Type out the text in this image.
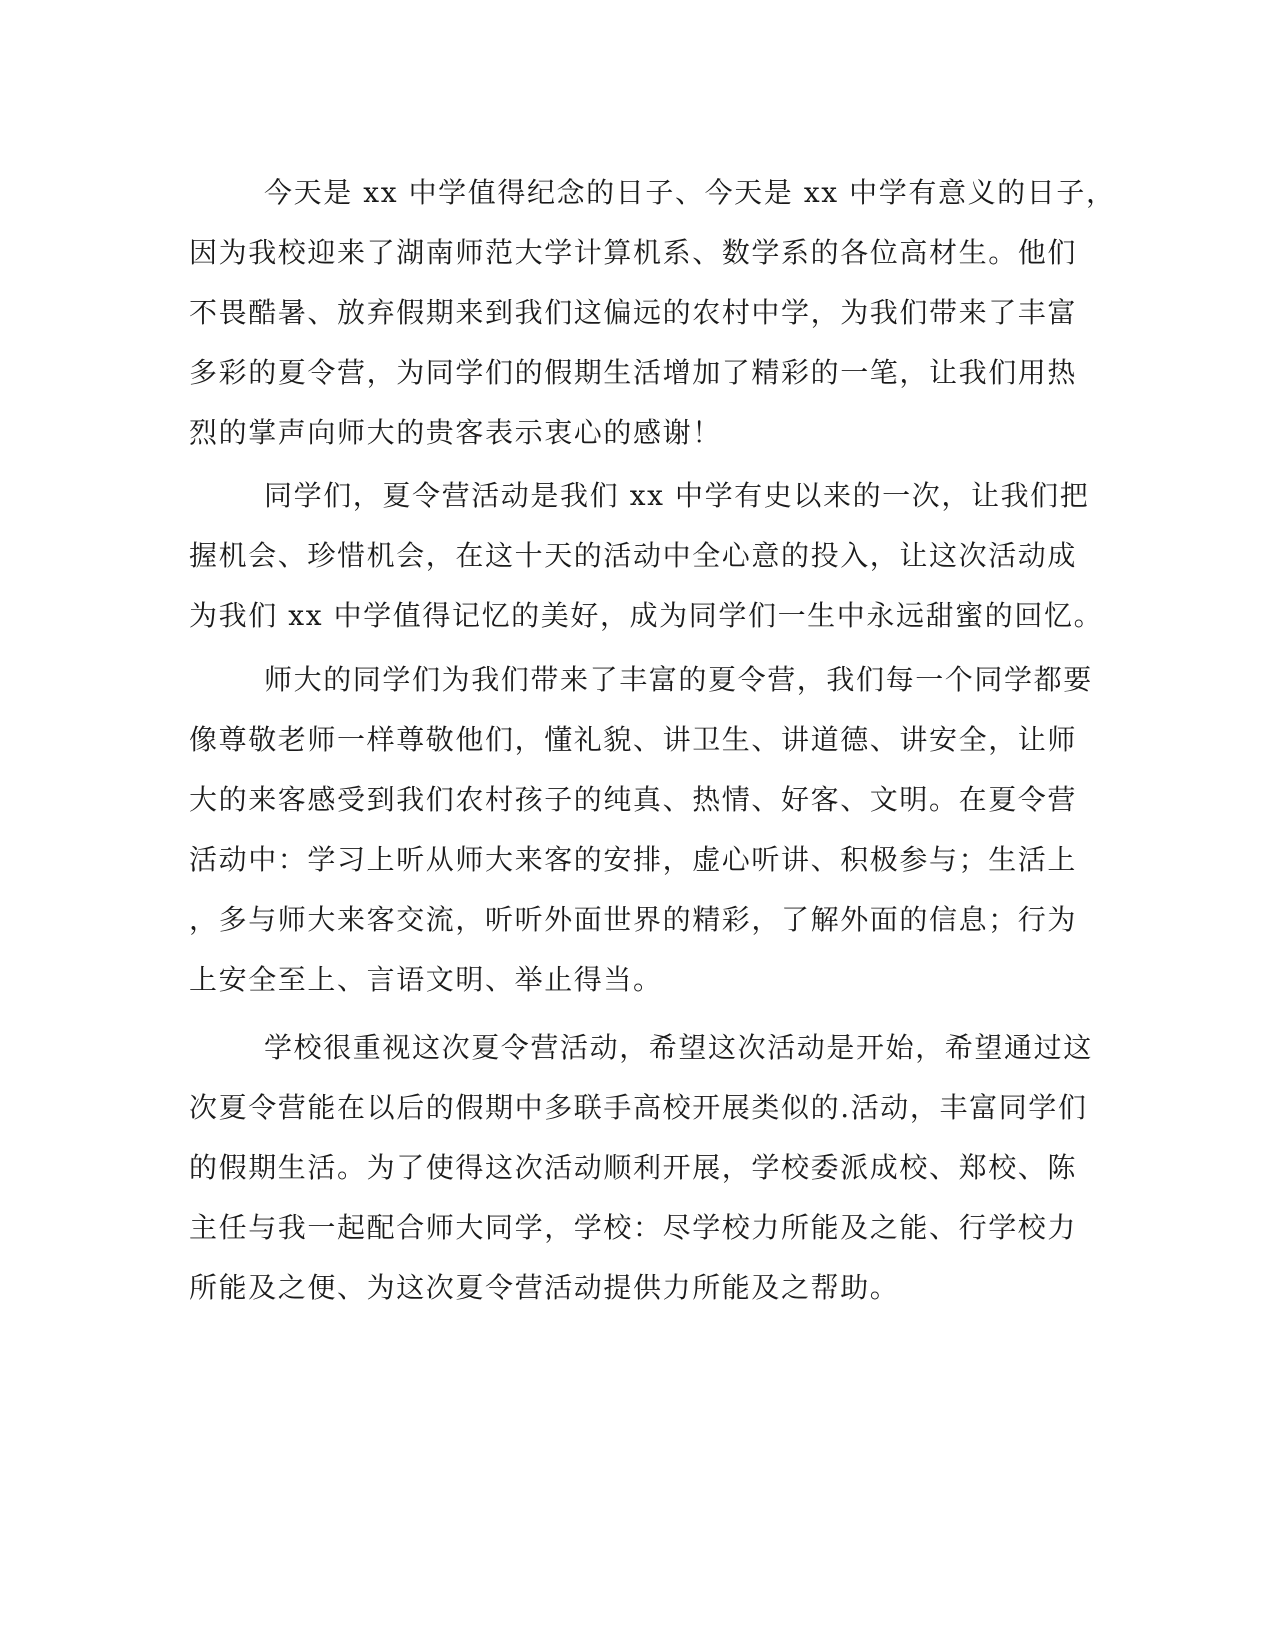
今天是 xx 中学值得纪念的日子、今天是 xx 中学有意义的日子，
因为我校迎来了湖南师范大学计算机系、数学系的各位高材生。他们
不畏酷暑、放弃假期来到我们这偏远的农村中学，为我们带来了丰富
多彩的夏令营，为同学们的假期生活增加了精彩的一笔，让我们用热
烈的掌声向师大的贵客表示衷心的感谢！
同学们，夏令营活动是我们 xx 中学有史以来的一次，让我们把
握机会、珍惜机会，在这十天的活动中全心意的投入，让这次活动成
为我们 xx 中学值得记忆的美好，成为同学们一生中永远甜蜜的回忆。
师大的同学们为我们带来了丰富的夏令营，我们每一个同学都要
像尊敬老师一样尊敬他们，懂礼貌、讲卫生、讲道德、讲安全，让师
大的来客感受到我们农村孩子的纯真、热情、好客、文明。在夏令营
活动中：学习上听从师大来客的安排，虚心听讲、积极参与；生活上
，多与师大来客交流，听听外面世界的精彩，了解外面的信息；行为
上安全至上、言语文明、举止得当。
学校很重视这次夏令营活动，希望这次活动是开始，希望通过这
次夏令营能在以后的假期中多联手高校开展类似的.活动，丰富同学们
的假期生活。为了使得这次活动顺利开展，学校委派成校、郑校、陈
主任与我一起配合师大同学，学校：尽学校力所能及之能、行学校力
所能及之便、为这次夏令营活动提供力所能及之帮助。
